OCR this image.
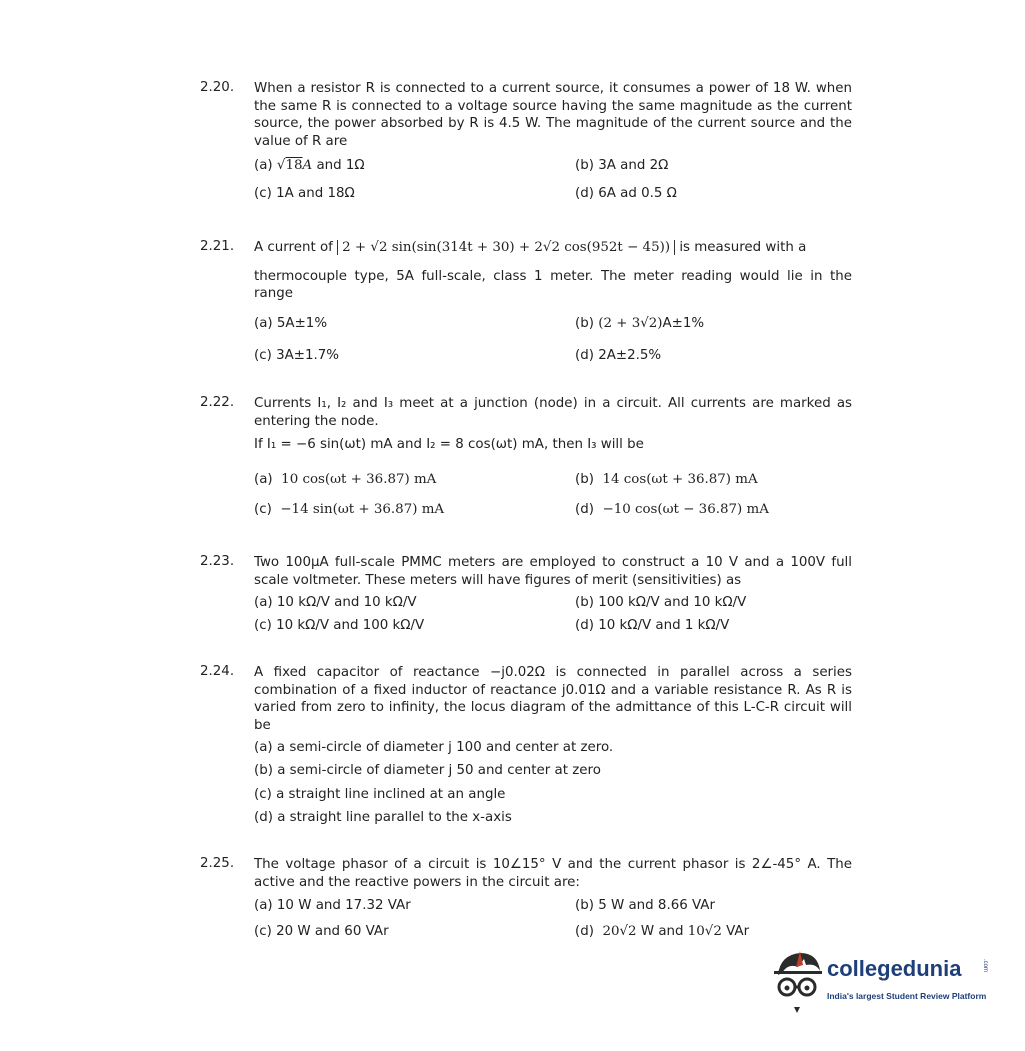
2.20. When a resistor R is connected to a current source, it consumes a power of 18 W. when the same R is connected to a voltage source having the same magnitude as the current source, the power absorbed by R is 4.5 W. The magnitude of the current source and the value of R are
(a) √18A and 1Ω	(b) 3A and 2Ω
(c) 1A and 18Ω	(d) 6A ad 0.5 Ω
2.21. A current of 2 + √2 sin(sin(314t + 30) + 2√2 cos(952t − 45)) is measured with a
thermocouple type, 5A full-scale, class 1 meter. The meter reading would lie in the range
(a) 5A±1%	(b) (2 + 3√2)A±1%
(c) 3A±1.7%	(d) 2A±2.5%
2.22. Currents I₁, I₂ and I₃ meet at a junction (node) in a circuit. All currents are marked as entering the node.
If I₁ = −6 sin(ωt) mA and I₂ = 8 cos(ωt) mA, then I₃ will be
(a) 10 cos(ωt + 36.87) mA	(b) 14 cos(ωt + 36.87) mA
(c) −14 sin(ωt + 36.87) mA	(d) −10 cos(ωt − 36.87) mA
2.23. Two 100μA full-scale PMMC meters are employed to construct a 10 V and a 100V full scale voltmeter. These meters will have figures of merit (sensitivities) as
(a) 10 kΩ/V and 10 kΩ/V	(b) 100 kΩ/V and 10 kΩ/V
(c) 10 kΩ/V and 100 kΩ/V	(d) 10 kΩ/V and 1 kΩ/V
2.24. A fixed capacitor of reactance −j0.02Ω is connected in parallel across a series combination of a fixed inductor of reactance j0.01Ω and a variable resistance R. As R is varied from zero to infinity, the locus diagram of the admittance of this L-C-R circuit will be
(a) a semi-circle of diameter j 100 and center at zero.
(b) a semi-circle of diameter j 50 and center at zero
(c) a straight line inclined at an angle
(d) a straight line parallel to the x-axis
2.25. The voltage phasor of a circuit is 10∠15° V and the current phasor is 2∠-45° A. The active and the reactive powers in the circuit are:
(a) 10 W and 17.32 VAr	(b) 5 W and 8.66 VAr
(c) 20 W and 60 VAr	(d) 20√2 W and 10√2 VAr
collegedunia	.com
India's largest Student Review Platform
